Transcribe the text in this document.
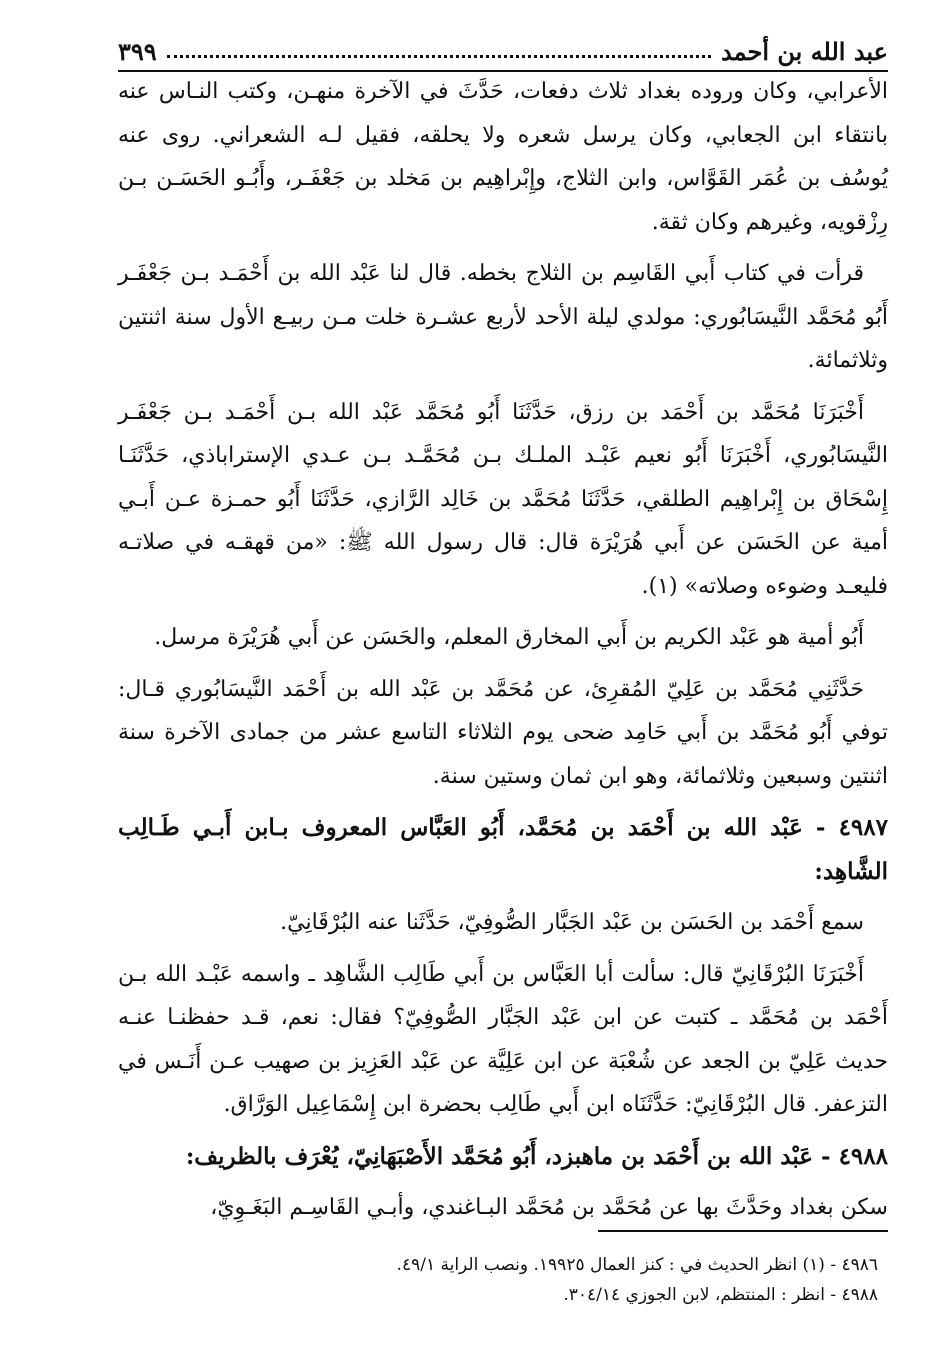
عبد الله بن أحمد
٣٩٩

الأعرابي، وكان وروده بغداد ثلاث دفعات، حَدَّثَ في الآخرة منهـن، وكتب النـاس عنه بانتقاء ابن الجعابي، وكان يرسل شعره ولا يحلقه، فقيل لـه الشعراني. روى عنه يُوسُف بن عُمَر القَوَّاس، وابن الثلاج، وإِبْراهِيم بن مَخلد بن جَعْفَـر، وأَبُـو الحَسَـن بـن رِزْقويه، وغيرهم وكان ثقة.

قرأت في كتاب أَبي القَاسِم بن الثلاج بخطه. قال لنا عَبْد الله بن أَحْمَـد بـن جَعْفَـر أَبُو مُحَمَّد النَّيسَابُوري: مولدي ليلة الأحد لأربع عشـرة خلت مـن ربيـع الأول سنة اثنتين وثلاثمائة.

أَخْبَرَنَا مُحَمَّد بن أَحْمَد بن رزق، حَدَّثَنَا أَبُو مُحَمَّد عَبْد الله بـن أَحْمَـد بـن جَعْفَـر النَّيسَابُوري، أَخْبَرَنَا أَبُو نعيم عَبْـد الملـك بـن مُحَمَّـد بـن عـدي الإستراباذي، حَدَّثَنَـا إِسْحَاق بن إِبْراهِيم الطلقي، حَدَّثَنَا مُحَمَّد بن خَالِد الرَّازي، حَدَّثَنَا أَبُو حمـزة عـن أَبـي أمية عن الحَسَن عن أَبي هُرَيْرَة قال: قال رسول الله ﷺ: «من قهقـه في صلاتـه فليعـد وضوءه وصلاته» (١).

أَبُو أمية هو عَبْد الكريم بن أَبي المخارق المعلم، والحَسَن عن أَبي هُرَيْرَة مرسل.

حَدَّثَنِي مُحَمَّد بن عَلِيّ المُقرِئ، عن مُحَمَّد بن عَبْد الله بن أَحْمَد النَّيسَابُوري قـال: توفي أَبُو مُحَمَّد بن أَبي حَامِد ضحى يوم الثلاثاء التاسع عشر من جمادى الآخرة سنة اثنتين وسبعين وثلاثمائة، وهو ابن ثمان وستين سنة.

٤٩٨٧ - عَبْد الله بن أَحْمَد بن مُحَمَّد، أَبُو العَبَّاس المعروف بـابن أَبـي طَـالِب الشَّاهِد:

سمع أَحْمَد بن الحَسَن بن عَبْد الجَبَّار الصُّوفِيّ، حَدَّثَنا عنه البُرْقَانِيّ.

أَخْبَرَنَا البُرْقَانِيّ قال: سألت أبا العَبَّاس بن أَبي طَالِب الشَّاهِد ـ واسمه عَبْـد الله بـن أَحْمَد بن مُحَمَّد ـ كتبت عن ابن عَبْد الجَبَّار الصُّوفِيّ؟ فقال: نعم، قـد حفظنـا عنـه حديث عَلِيّ بن الجعد عن شُعْبَة عن ابن عَلِيَّة عن عَبْد العَزِيز بن صهيب عـن أَنَـس في التزعفر. قال البُرْقَانِيّ: حَدَّثَنَاه ابن أَبي طَالِب بحضرة ابن إِسْمَاعِيل الوَرَّاق.

٤٩٨٨ - عَبْد الله بن أَحْمَد بن ماهبزد، أَبُو مُحَمَّد الأَصْبَهَانِيّ، يُعْرَف بالظريف:

سكن بغداد وحَدَّثَ بها عن مُحَمَّد بن مُحَمَّد البـاغندي، وأبـي القَاسِـم البَغَـوِيّ،

٤٩٨٦ - (١) انظر الحديث في : كنز العمال ١٩٩٢٥. ونصب الراية ٤٩/١.
٤٩٨٨ - انظر : المنتظم، لابن الجوزي ٣٠٤/١٤.
